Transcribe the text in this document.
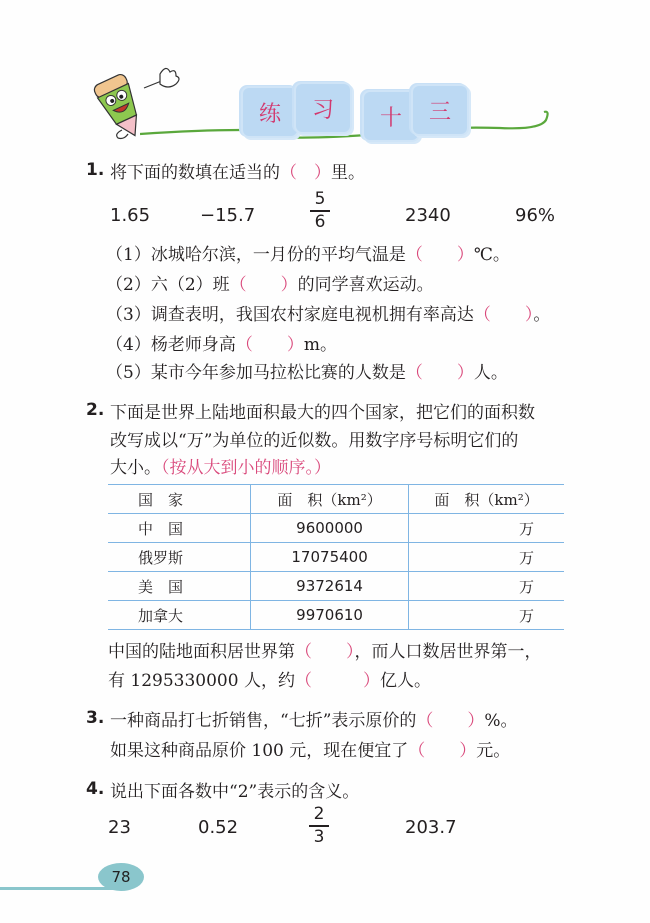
练	习	十	三
1. 将下面的数填在适当的（　）里。
1.65	−15.7
5
6	2340	96%
（1）冰城哈尔滨，一月份的平均气温是（　　）℃。
（2）六（2）班（　　）的同学喜欢运动。
（3）调查表明，我国农村家庭电视机拥有率高达（　　）。
（4）杨老师身高（　　）m。
（5）某市今年参加马拉松比赛的人数是（　　）人。
2. 下面是世界上陆地面积最大的四个国家，把它们的面积数
改写成以“万”为单位的近似数。用数字序号标明它们的
大小。（按从大到小的顺序。）
国　家	面　积（km²）	面　积（km²）
中　国	9600000	万
俄罗斯	17075400	万
美　国	9372614	万
加拿大	9970610	万
中国的陆地面积居世界第（　　），而人口数居世界第一，
有 1295330000 人，约（　　　）亿人。
3. 一种商品打七折销售，“七折”表示原价的（　　）%。
如果这种商品原价 100 元，现在便宜了（　　）元。
4. 说出下面各数中“2”表示的含义。
23	0.52
2
3	203.7
78
